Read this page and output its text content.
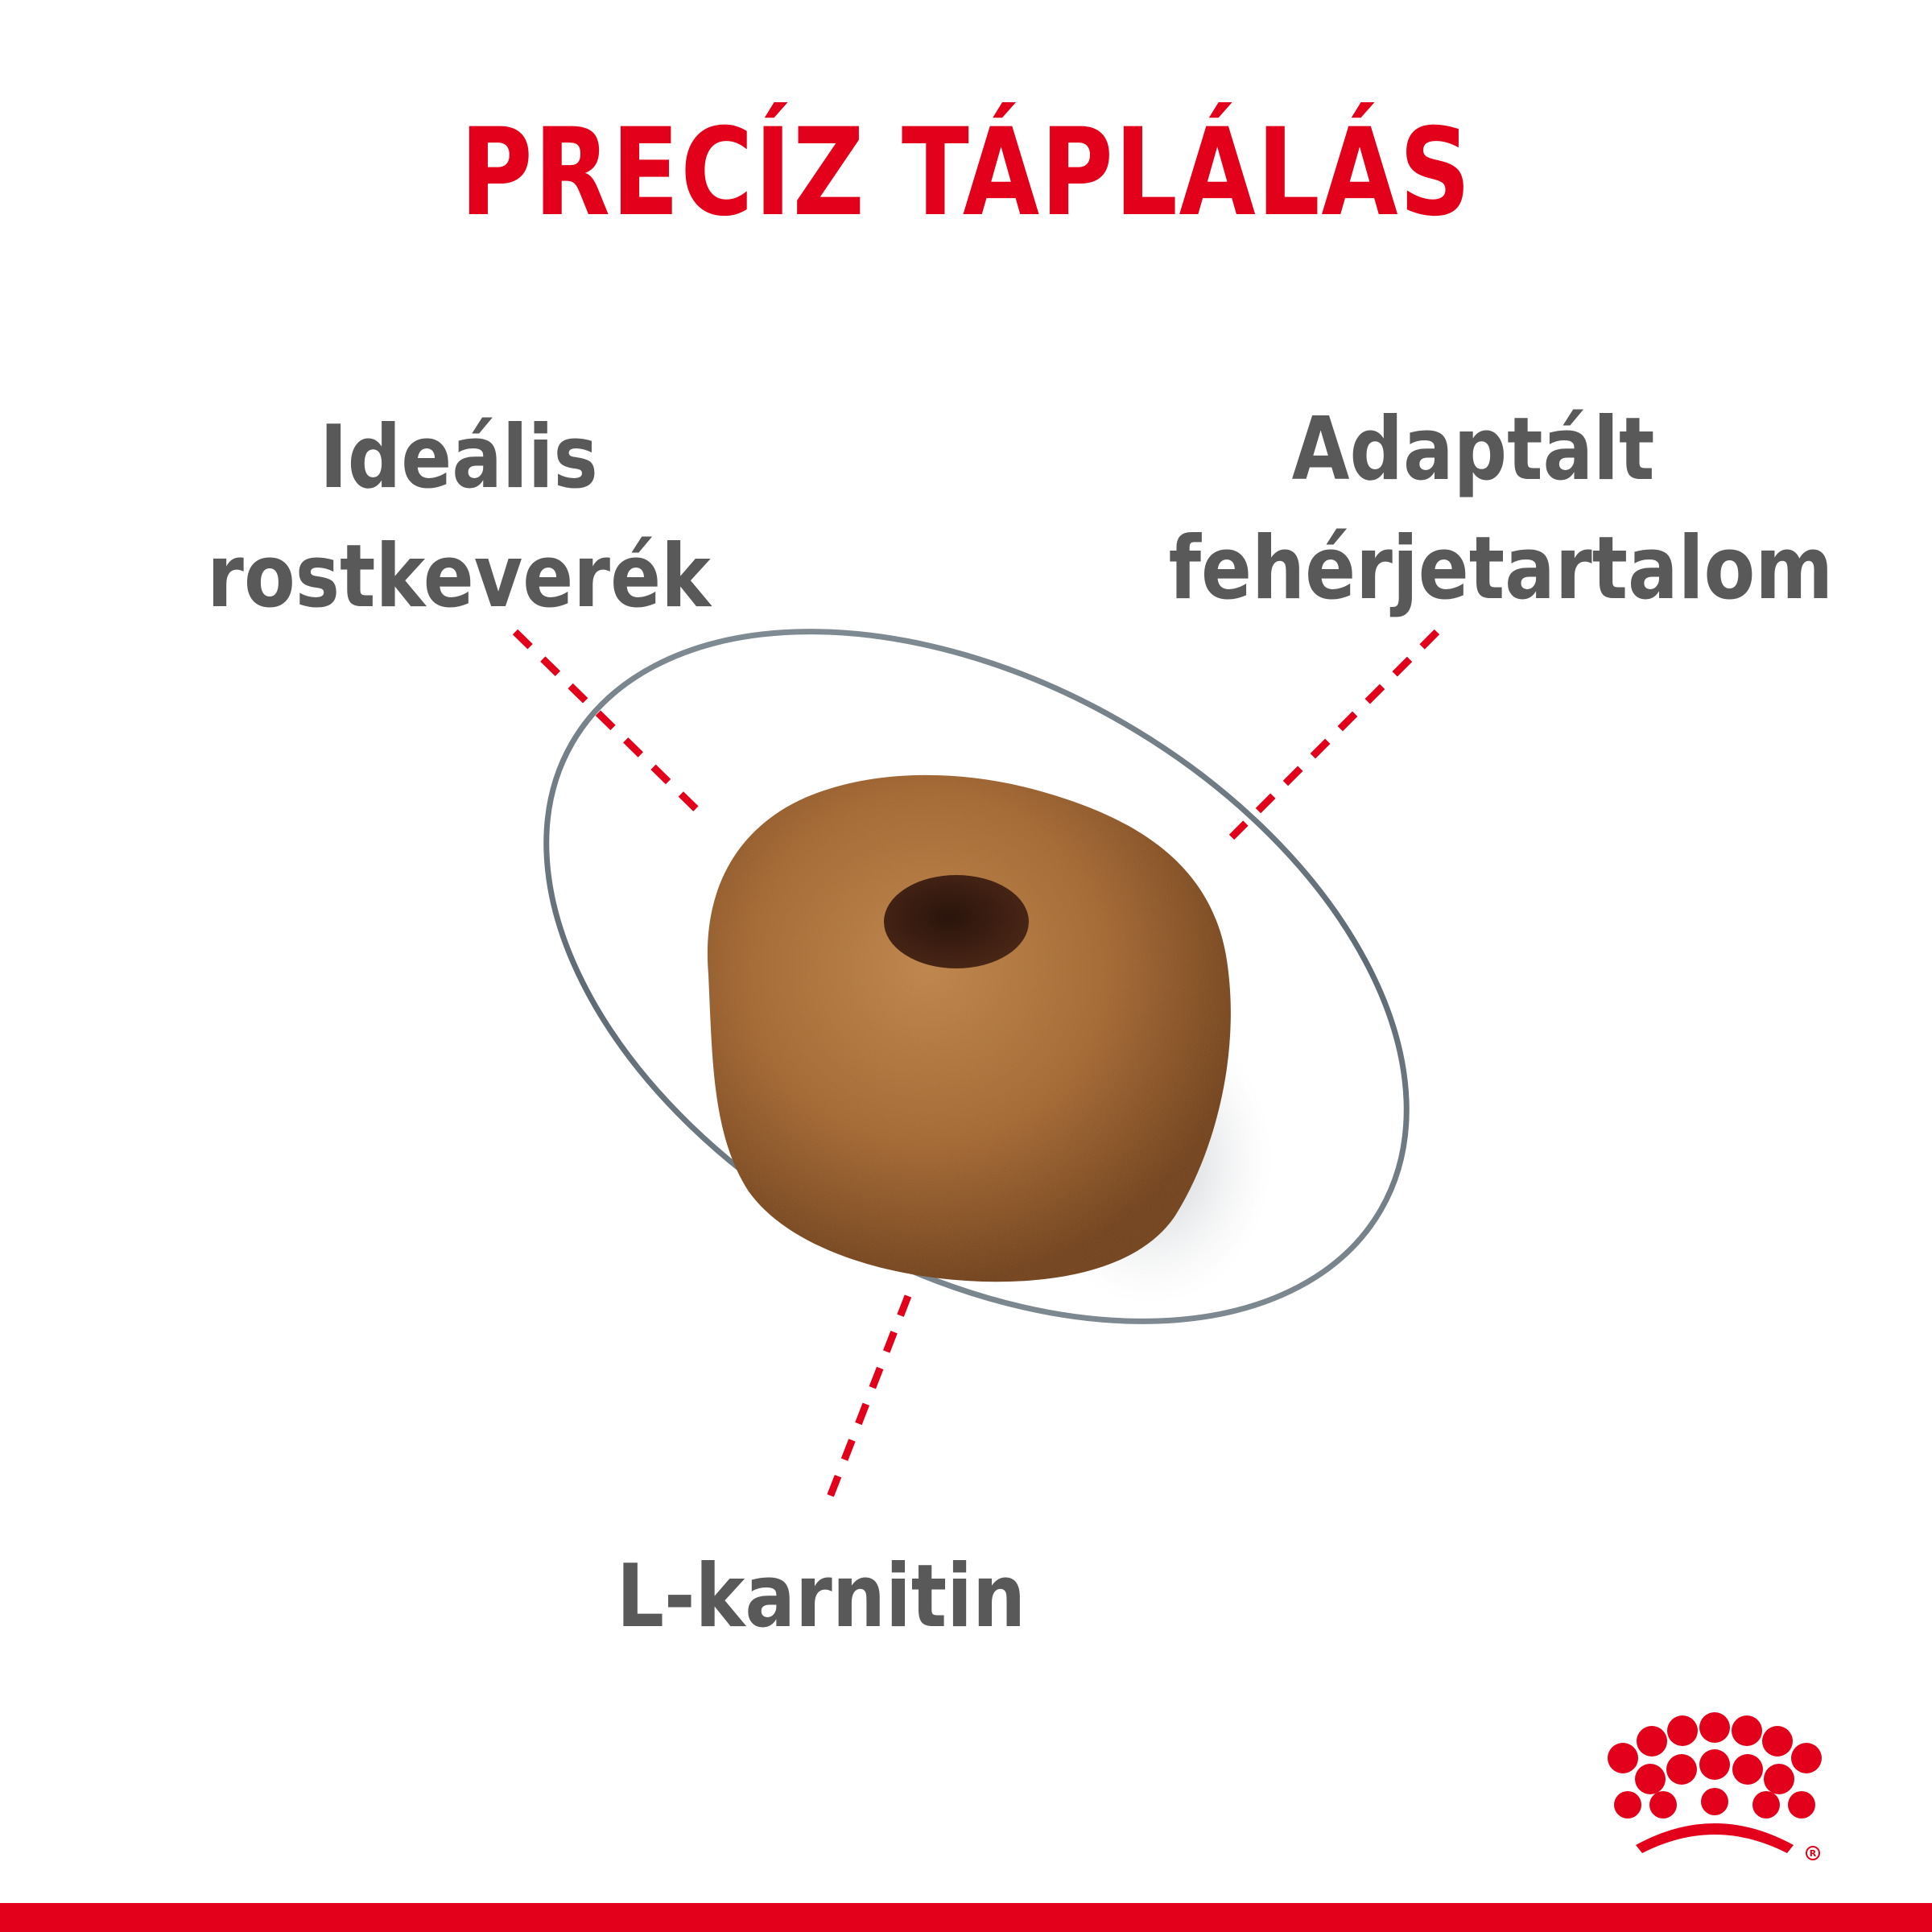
PRECÍZ TÁPLÁLÁS
Ideális
rostkeverék
Adaptált
fehérjetartalom
L-karnitin
R
